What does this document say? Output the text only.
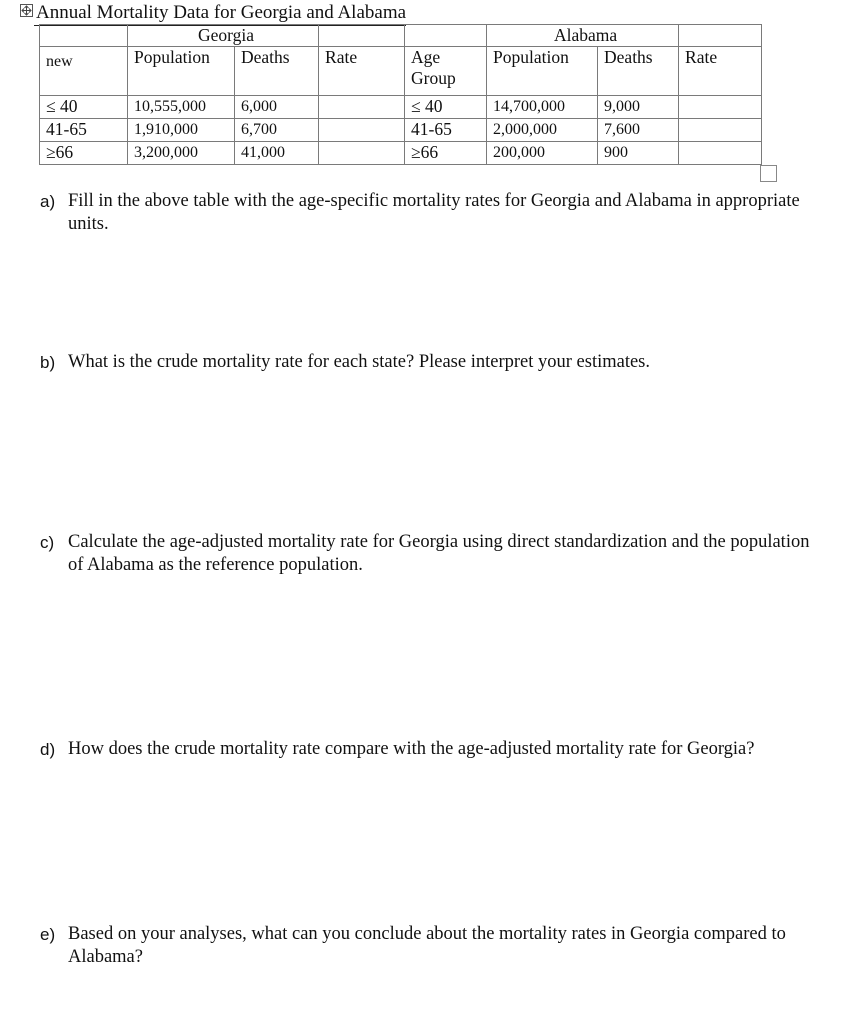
Annual Mortality Data for Georgia and Alabama
	Georgia				Alabama		
new	Population	Deaths	Rate	Age Group	Population	Deaths	Rate
≤ 40	10,555,000	6,000		≤ 40	14,700,000	9,000	
41-65	1,910,000	6,700		41-65	2,000,000	7,600	
≥66	3,200,000	41,000		≥66	200,000	900	
a) Fill in the above table with the age-specific mortality rates for Georgia and Alabama in appropriate units.
b) What is the crude mortality rate for each state? Please interpret your estimates.
c) Calculate the age-adjusted mortality rate for Georgia using direct standardization and the population of Alabama as the reference population.
d) How does the crude mortality rate compare with the age-adjusted mortality rate for Georgia?
e) Based on your analyses, what can you conclude about the mortality rates in Georgia compared to Alabama?
